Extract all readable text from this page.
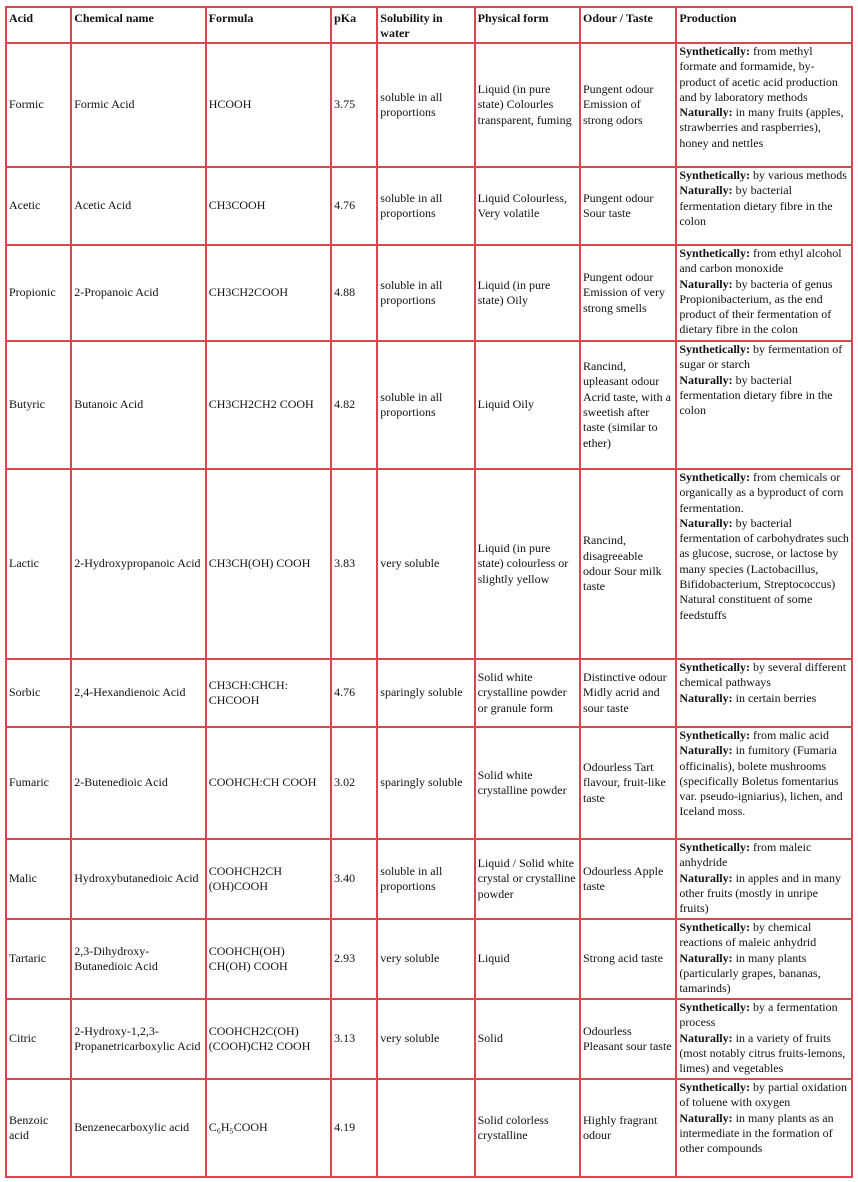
Acid	Chemical name	Formula	pKa	Solubility in water	Physical form	Odour / Taste	Production
Formic	Formic Acid	HCOOH	3.75	soluble in all proportions	Liquid (in pure state) Colourles transparent, fuming	Pungent odour Emission of strong odors	Synthetically: from methyl formate and formamide, by-product of acetic acid production and by laboratory methods
Naturally: in many fruits (apples, strawberries and raspberries), honey and nettles

Acetic	Acetic Acid	CH3COOH	4.76	soluble in all proportions	Liquid Colourless, Very volatile	Pungent odour Sour taste	Synthetically: by various methods
Naturally: by bacterial fermentation dietary fibre in the colon

Propionic	2-Propanoic Acid	CH3CH2COOH	4.88	soluble in all proportions	Liquid (in pure state) Oily	Pungent odour Emission of very strong smells	Synthetically: from ethyl alcohol and carbon monoxide
Naturally: by bacteria of genus Propionibacterium, as the end product of their fermentation of dietary fibre in the colon

Butyric	Butanoic Acid	CH3CH2CH2 COOH	4.82	soluble in all proportions	Liquid Oily	Rancind, upleasant odour Acrid taste, with a sweetish after taste (similar to ether)	Synthetically: by fermentation of sugar or starch
Naturally: by bacterial fermentation dietary fibre in the colon

Lactic	2-Hydroxypropanoic Acid	CH3CH(OH) COOH	3.83	very soluble	Liquid (in pure state) colourless or slightly yellow	Rancind, disagreeable odour Sour milk taste	Synthetically: from chemicals or organically as a byproduct of corn fermentation.
Naturally: by bacterial fermentation of carbohydrates such as glucose, sucrose, or lactose by many species (Lactobacillus, Bifidobacterium, Streptococcus) Natural constituent of some feedstuffs

Sorbic	2,4-Hexandienoic Acid	CH3CH:CHCH: CHCOOH	4.76	sparingly soluble	Solid white crystalline powder or granule form	Distinctive odour Midly acrid and sour taste	Synthetically: by several different chemical pathways
Naturally: in certain berries

Fumaric	2-Butenedioic Acid	COOHCH:CH COOH	3.02	sparingly soluble	Solid white crystalline powder	Odourless Tart flavour, fruit-like taste	Synthetically: from malic acid
Naturally: in fumitory (Fumaria officinalis), bolete mushrooms (specifically Boletus fomentarius var. pseudo-igniarius), lichen, and Iceland moss.

Malic	Hydroxybutanedioic Acid	COOHCH2CH (OH)COOH	3.40	soluble in all proportions	Liquid / Solid white crystal or crystalline powder	Odourless Apple taste	Synthetically: from maleic anhydride
Naturally: in apples and in many other fruits (mostly in unripe fruits)

Tartaric	2,3-Dihydroxy-Butanedioic Acid	COOHCH(OH) CH(OH) COOH	2.93	very soluble	Liquid	Strong acid taste	Synthetically: by chemical reactions of maleic anhydrid
Naturally: in many plants (particularly grapes, bananas, tamarinds)

Citric	2-Hydroxy-1,2,3-Propanetricarboxylic Acid	COOHCH2C(OH) (COOH)CH2 COOH	3.13	very soluble	Solid	Odourless Pleasant sour taste	Synthetically: by a fermentation process
Naturally: in a variety of fruits (most notably citrus fruits-lemons, limes) and vegetables

Benzoic acid	Benzenecarboxylic acid	C₆H₅COOH	4.19		Solid colorless crystalline	Highly fragrant odour	Synthetically: by partial oxidation of toluene with oxygen
Naturally: in many plants as an intermediate in the formation of other compounds
